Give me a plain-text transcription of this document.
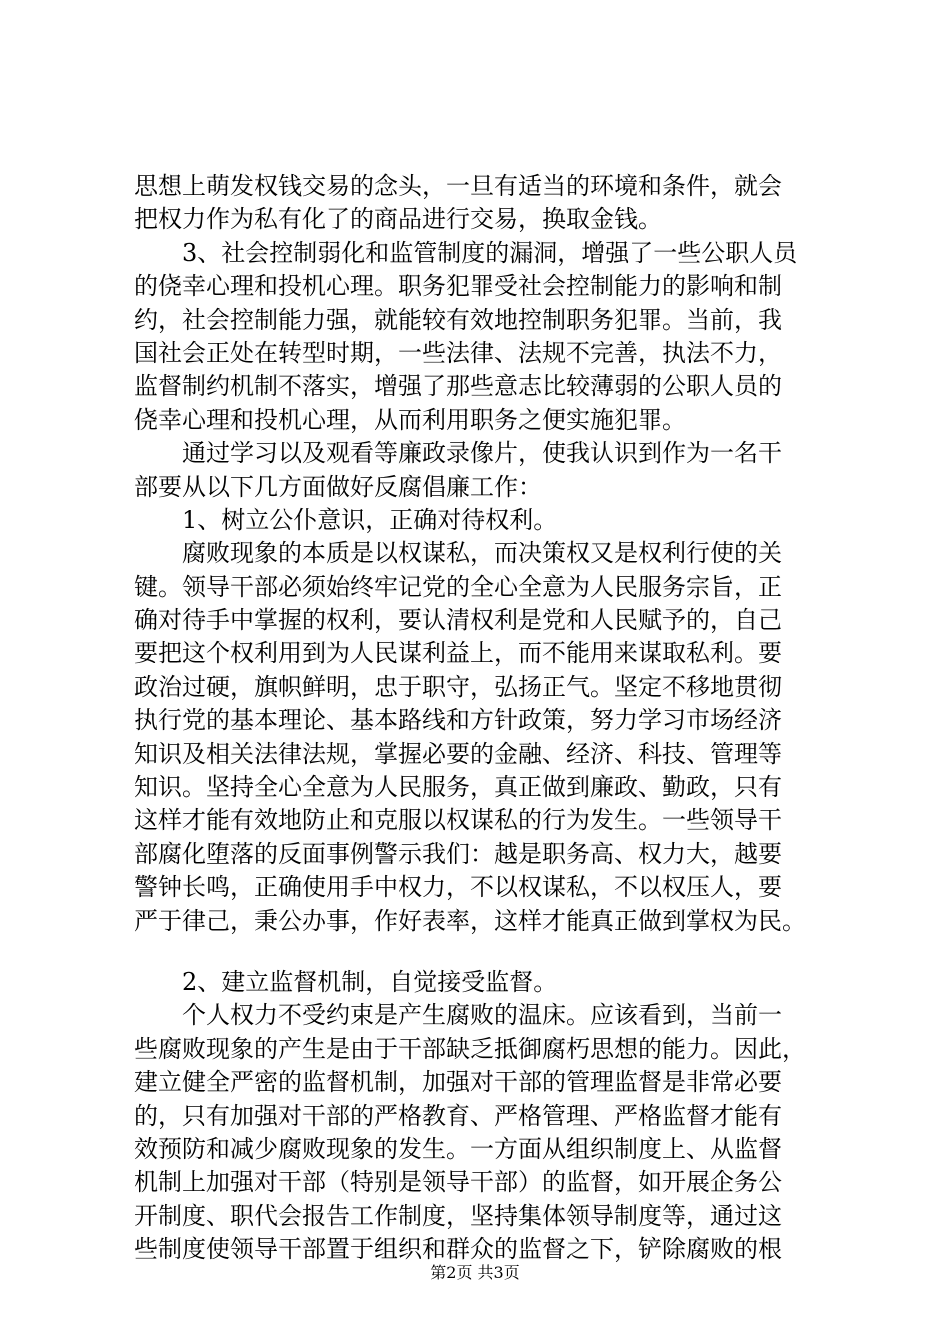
思想上萌发权钱交易的念头，一旦有适当的环境和条件，就会
把权力作为私有化了的商品进行交易，换取金钱。
3、社会控制弱化和监管制度的漏洞，增强了一些公职人员
的侥幸心理和投机心理。职务犯罪受社会控制能力的影响和制
约，社会控制能力强，就能较有效地控制职务犯罪。当前，我
国社会正处在转型时期，一些法律、法规不完善，执法不力，
监督制约机制不落实，增强了那些意志比较薄弱的公职人员的
侥幸心理和投机心理，从而利用职务之便实施犯罪。
通过学习以及观看等廉政录像片，使我认识到作为一名干
部要从以下几方面做好反腐倡廉工作：
1、树立公仆意识，正确对待权利。
腐败现象的本质是以权谋私，而决策权又是权利行使的关
键。领导干部必须始终牢记党的全心全意为人民服务宗旨，正
确对待手中掌握的权利，要认清权利是党和人民赋予的，自己
要把这个权利用到为人民谋利益上，而不能用来谋取私利。要
政治过硬，旗帜鲜明，忠于职守，弘扬正气。坚定不移地贯彻
执行党的基本理论、基本路线和方针政策，努力学习市场经济
知识及相关法律法规，掌握必要的金融、经济、科技、管理等
知识。坚持全心全意为人民服务，真正做到廉政、勤政，只有
这样才能有效地防止和克服以权谋私的行为发生。一些领导干
部腐化堕落的反面事例警示我们：越是职务高、权力大，越要
警钟长鸣，正确使用手中权力，不以权谋私，不以权压人，要
严于律己，秉公办事，作好表率，这样才能真正做到掌权为民。
2、建立监督机制，自觉接受监督。
个人权力不受约束是产生腐败的温床。应该看到，当前一
些腐败现象的产生是由于干部缺乏抵御腐朽思想的能力。因此，
建立健全严密的监督机制，加强对干部的管理监督是非常必要
的，只有加强对干部的严格教育、严格管理、严格监督才能有
效预防和减少腐败现象的发生。一方面从组织制度上、从监督
机制上加强对干部（特别是领导干部）的监督，如开展企务公
开制度、职代会报告工作制度，坚持集体领导制度等，通过这
些制度使领导干部置于组织和群众的监督之下，铲除腐败的根
第2页 共3页
